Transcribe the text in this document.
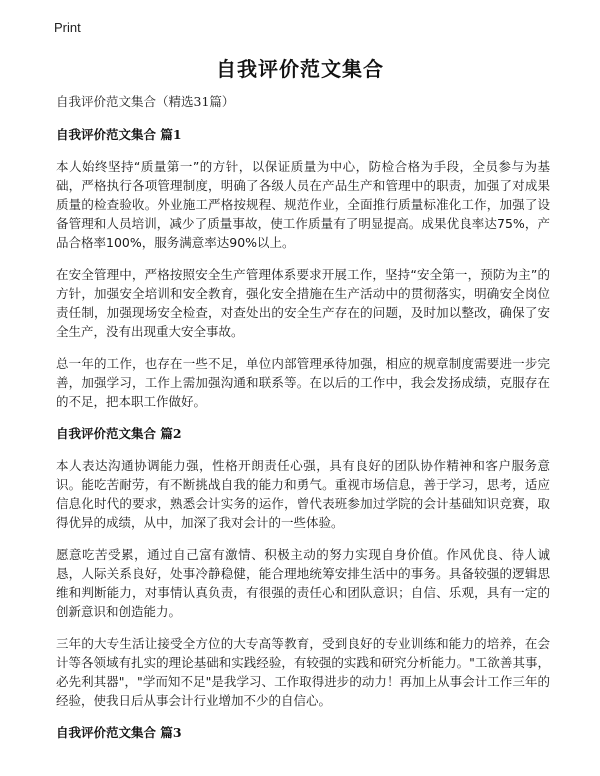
Print
自我评价范文集合
自我评价范文集合（精选31篇）
自我评价范文集合 篇1

本人始终坚持“质量第一”的方针，以保证质量为中心，防检合格为手段，全员参与为基础，严格执行各项管理制度，明确了各级人员在产品生产和管理中的职责，加强了对成果质量的检查验收。外业施工严格按规程、规范作业，全面推行质量标准化工作，加强了设备管理和人员培训，减少了质量事故，使工作质量有了明显提高。成果优良率达75%，产品合格率100%，服务满意率达90%以上。

在安全管理中，严格按照安全生产管理体系要求开展工作，坚持“安全第一，预防为主”的方针，加强安全培训和安全教育，强化安全措施在生产活动中的贯彻落实，明确安全岗位责任制，加强现场安全检查，对查处出的安全生产存在的问题，及时加以整改，确保了安全生产，没有出现重大安全事故。

总一年的工作，也存在一些不足，单位内部管理承待加强，相应的规章制度需要进一步完善，加强学习，工作上需加强沟通和联系等。在以后的工作中，我会发扬成绩，克服存在的不足，把本职工作做好。

自我评价范文集合 篇2

本人表达沟通协调能力强，性格开朗责任心强，具有良好的团队协作精神和客户服务意识。能吃苦耐劳，有不断挑战自我的能力和勇气。重视市场信息，善于学习，思考，适应信息化时代的要求，熟悉会计实务的运作，曾代表班参加过学院的会计基础知识竞赛，取得优异的成绩，从中，加深了我对会计的一些体验。

愿意吃苦受累，通过自己富有激情、积极主动的努力实现自身价值。作风优良、待人诚恳，人际关系良好，处事冷静稳健，能合理地统筹安排生活中的事务。具备较强的逻辑思维和判断能力，对事情认真负责，有很强的责任心和团队意识；自信、乐观，具有一定的创新意识和创造能力。

三年的大专生活让接受全方位的大专高等教育，受到良好的专业训练和能力的培养，在会计等各领域有扎实的理论基础和实践经验，有较强的实践和研究分析能力。"工欲善其事，必先利其器"，"学而知不足"是我学习、工作取得进步的动力！再加上从事会计工作三年的经验，使我日后从事会计行业增加不少的自信心。

自我评价范文集合 篇3
